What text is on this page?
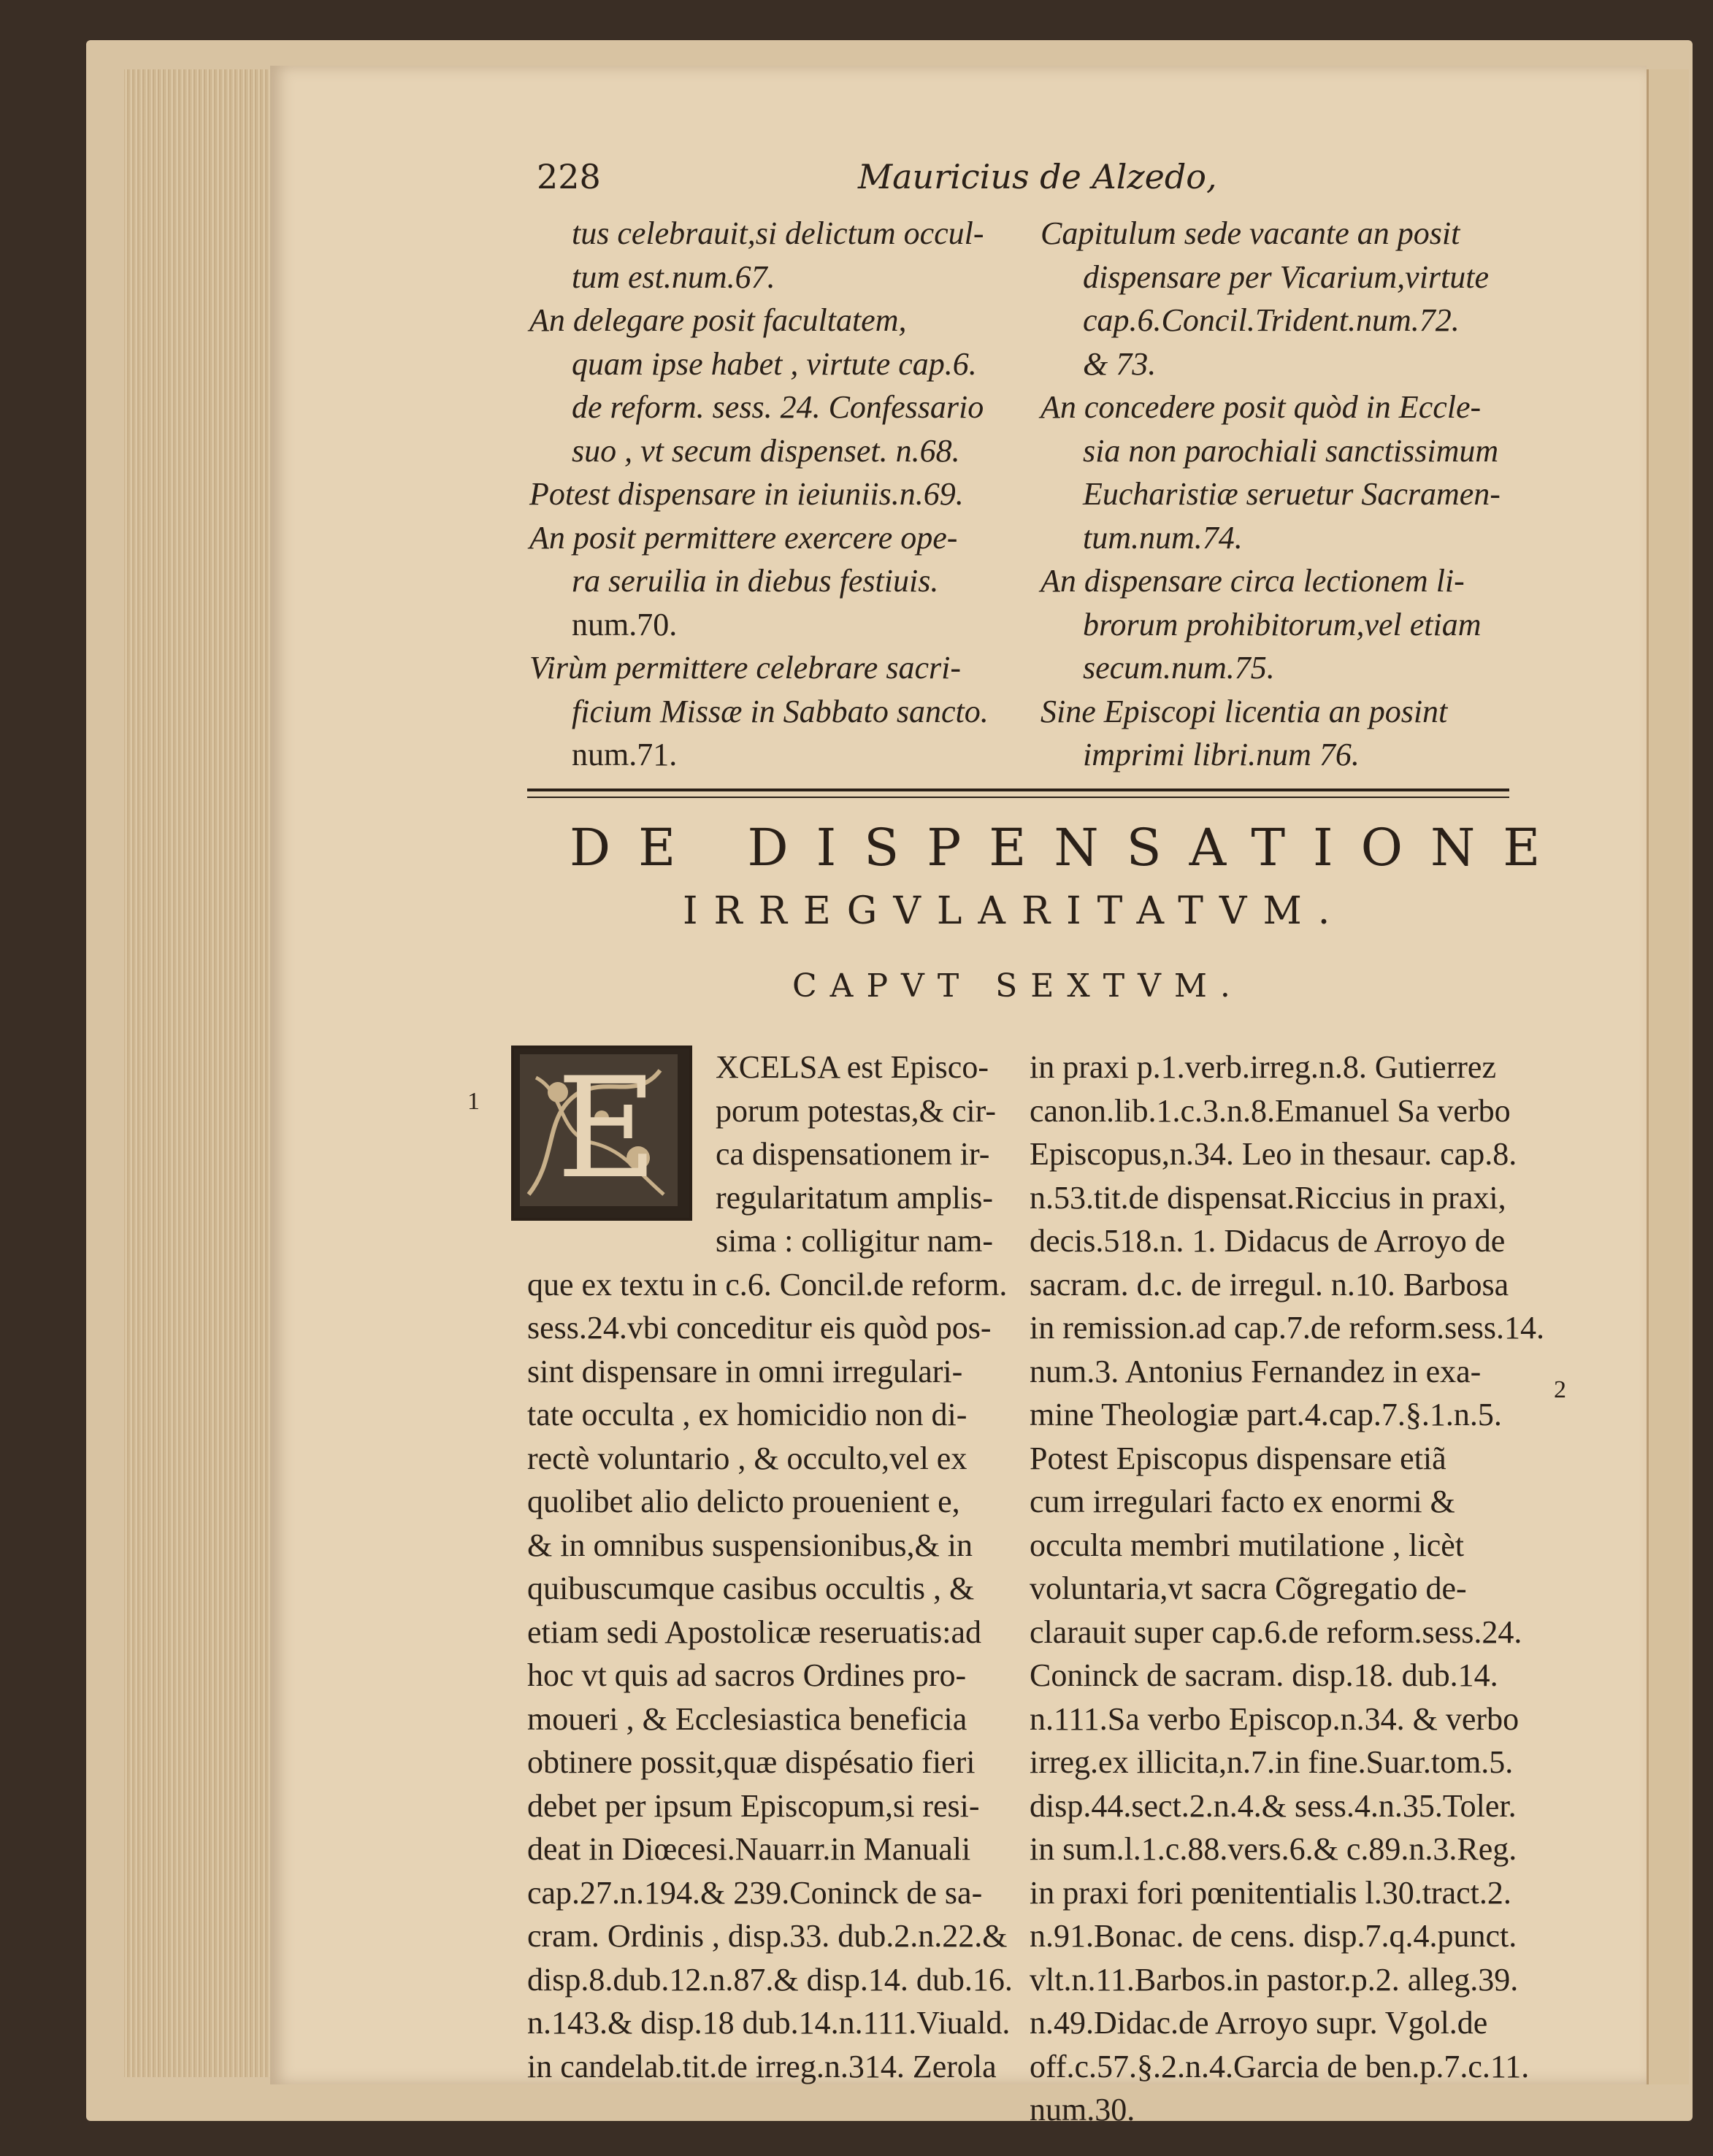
228	Mauricius de Alzedo,
tus celebrauit,si delictum occul-
tum est.num.67.
An delegare posit facultatem,
quam ipse habet , virtute cap.6.
de reform. sess. 24. Confessario
suo , vt secum dispenset. n.68.
Potest dispensare in ieiuniis.n.69.
An posit permittere exercere ope-
ra seruilia in diebus festiuis.
num.70.
Virùm permittere celebrare sacri-
ficium Missæ in Sabbato sancto.
num.71.
Capitulum sede vacante an posit
dispensare per Vicarium,virtute
cap.6.Concil.Trident.num.72.
& 73.
An concedere posit quòd in Eccle-
sia non parochiali sanctissimum
Eucharistiæ seruetur Sacramen-
tum.num.74.
An dispensare circa lectionem li-
brorum prohibitorum,vel etiam
secum.num.75.
Sine Episcopi licentia an posint
imprimi libri.num 76.
DE DISPENSATIONE
IRREGVLARITATVM.
CAPVT SEXTVM.
E	XCELSA est Episco-
porum potestas,& cir-
ca dispensationem ir-
regularitatum amplis-
sima : colligitur nam-
que ex textu in c.6. Concil.de reform.
sess.24.vbi conceditur eis quòd pos-
sint dispensare in omni irregulari-
tate occulta , ex homicidio non di-
rectè voluntario , & occulto,vel ex
quolibet alio delicto prouenient e,
& in omnibus suspensionibus,& in
quibuscumque casibus occultis , &
etiam sedi Apostolicæ reseruatis:ad
hoc vt quis ad sacros Ordines pro-
moueri , & Ecclesiastica beneficia
obtinere possit,quæ dispésatio fieri
debet per ipsum Episcopum,si resi-
deat in Diœcesi.Nauarr.in Manuali
cap.27.n.194.& 239.Coninck de sa-
cram. Ordinis , disp.33. dub.2.n.22.&
disp.8.dub.12.n.87.& disp.14. dub.16.
n.143.& disp.18 dub.14.n.111.Viuald.
in candelab.tit.de irreg.n.314. Zerola
in praxi p.1.verb.irreg.n.8. Gutierrez
canon.lib.1.c.3.n.8.Emanuel Sa verbo
Episcopus,n.34. Leo in thesaur. cap.8.
n.53.tit.de dispensat.Riccius in praxi,
decis.518.n. 1. Didacus de Arroyo de
sacram. d.c. de irregul. n.10. Barbosa
in remission.ad cap.7.de reform.sess.14.
num.3. Antonius Fernandez in exa-
mine Theologiæ part.4.cap.7.§.1.n.5.
Potest Episcopus dispensare etiã
cum irregulari facto ex enormi &
occulta membri mutilatione , licèt
voluntaria,vt sacra Cõgregatio de-
clarauit super cap.6.de reform.sess.24.
Coninck de sacram. disp.18. dub.14.
n.111.Sa verbo Episcop.n.34. & verbo
irreg.ex illicita,n.7.in fine.Suar.tom.5.
disp.44.sect.2.n.4.& sess.4.n.35.Toler.
in sum.l.1.c.88.vers.6.& c.89.n.3.Reg.
in praxi fori pœnitentialis l.30.tract.2.
n.91.Bonac. de cens. disp.7.q.4.punct.
vlt.n.11.Barbos.in pastor.p.2. alleg.39.
n.49.Didac.de Arroyo supr. Vgol.de
off.c.57.§.2.n.4.Garcia de ben.p.7.c.11.
num.30.
1
2
